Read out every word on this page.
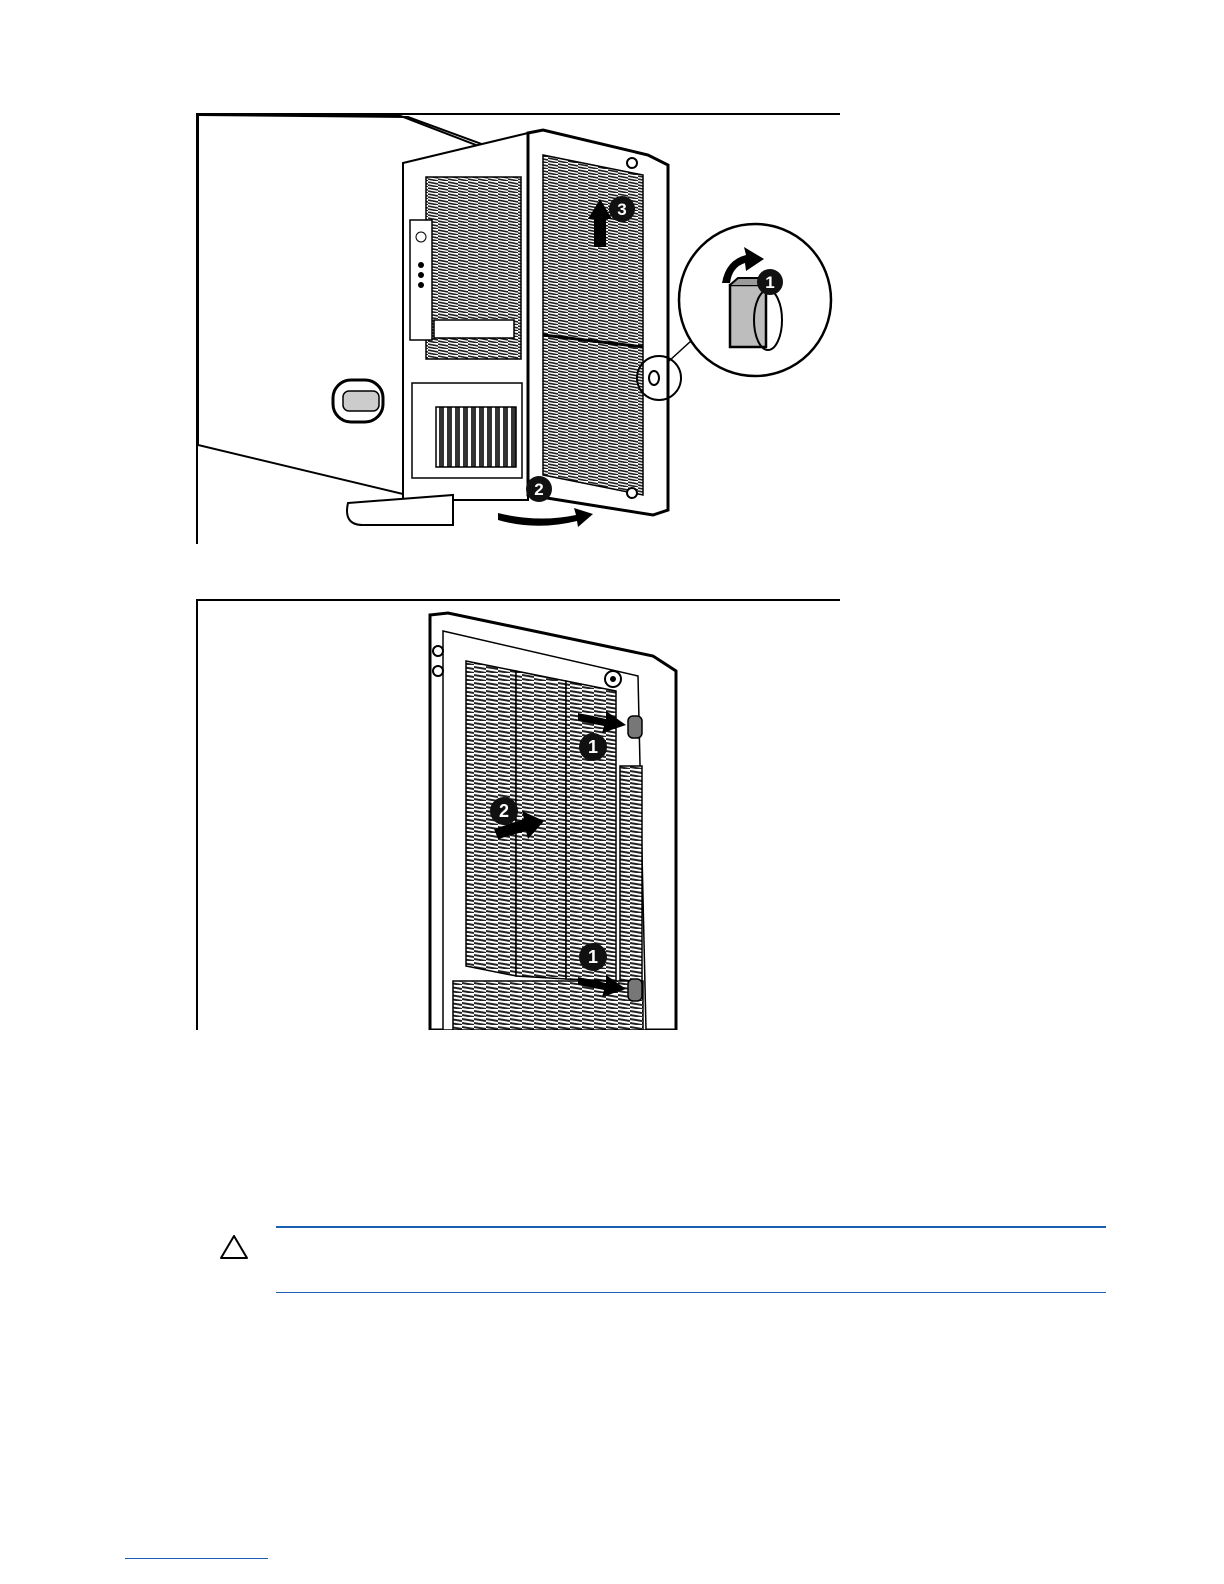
3
1
2
1
2
1
